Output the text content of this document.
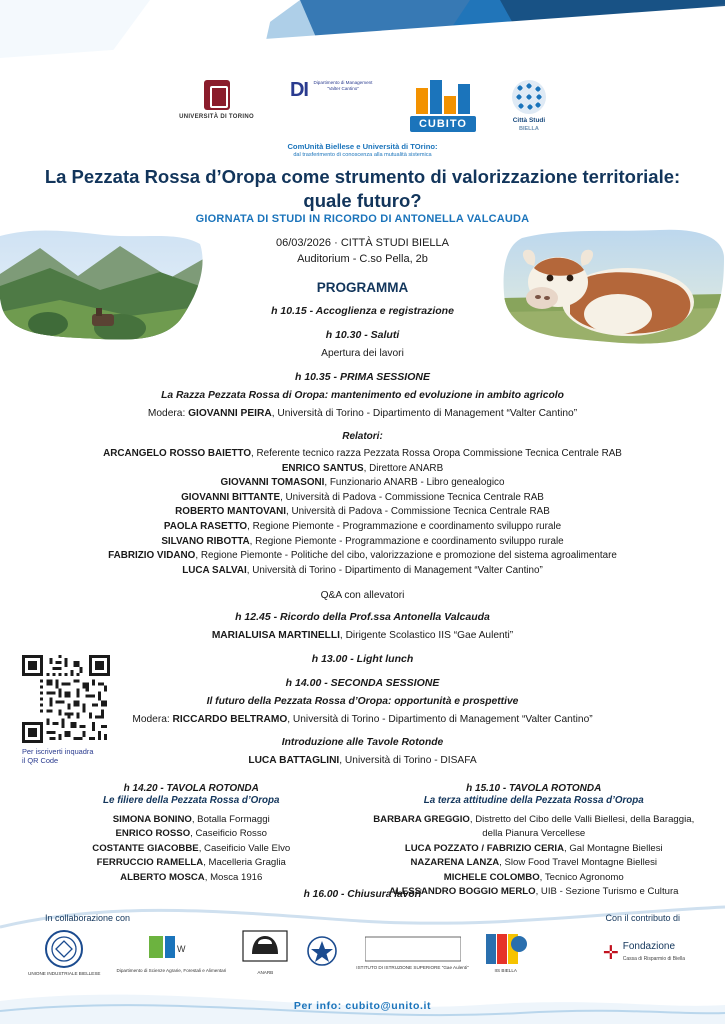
UNIVERSITÀ DI TORINO
DI	Dipartimento di Management "Valter Cantino"
CUBITO	Città Studi
BIELLA
ComUnità Biellese e Università di TOrino:
dal trasferimento di conoscenza alla mutualità sistemica
La Pezzata Rossa d’Oropa come strumento di valorizzazione territoriale: quale futuro?
GIORNATA DI STUDI IN RICORDO DI ANTONELLA VALCAUDA
06/03/2026 · CITTÀ STUDI BIELLA
Auditorium - C.so Pella, 2b
PROGRAMMA
h 10.15 - Accoglienza e registrazione
h 10.30 - Saluti
Apertura dei lavori
h 10.35 - PRIMA SESSIONE
La Razza Pezzata Rossa di Oropa: mantenimento ed evoluzione in ambito agricolo
Modera: GIOVANNI PEIRA, Università di Torino - Dipartimento di Management “Valter Cantino”
Relatori:
ARCANGELO ROSSO BAIETTO, Referente tecnico razza Pezzata Rossa Oropa Commissione Tecnica Centrale RAB
ENRICO SANTUS, Direttore ANARB
GIOVANNI TOMASONI, Funzionario ANARB - Libro genealogico
GIOVANNI BITTANTE, Università di Padova - Commissione Tecnica Centrale RAB
ROBERTO MANTOVANI, Università di Padova - Commissione Tecnica Centrale RAB
PAOLA RASETTO, Regione Piemonte - Programmazione e coordinamento sviluppo rurale
SILVANO RIBOTTA, Regione Piemonte - Programmazione e coordinamento sviluppo rurale
FABRIZIO VIDANO, Regione Piemonte - Politiche del cibo, valorizzazione e promozione del sistema agroalimentare
LUCA SALVAI, Università di Torino - Dipartimento di Management “Valter Cantino”
Q&A con allevatori
h 12.45 - Ricordo della Prof.ssa Antonella Valcauda
MARIALUISA MARTINELLI, Dirigente Scolastico IIS “Gae Aulenti”
h 13.00 - Light lunch
h 14.00 - SECONDA SESSIONE
Il futuro della Pezzata Rossa d’Oropa: opportunità e prospettive
Modera: RICCARDO BELTRAMO, Università di Torino - Dipartimento di Management “Valter Cantino”
Introduzione alle Tavole Rotonde
LUCA BATTAGLINI, Università di Torino - DISAFA
Per iscriverti inquadra
il QR Code
h 14.20 - TAVOLA ROTONDA
Le filiere della Pezzata Rossa d’Oropa
SIMONA BONINO, Botalla Formaggi
ENRICO ROSSO, Caseificio Rosso
COSTANTE GIACOBBE, Caseificio Valle Elvo
FERRUCCIO RAMELLA, Macelleria Graglia
ALBERTO MOSCA, Mosca 1916
h 15.10 - TAVOLA ROTONDA
La terza attitudine della Pezzata Rossa d’Oropa
BARBARA GREGGIO, Distretto del Cibo delle Valli Biellesi, della Baraggia, della Pianura Vercellese
LUCA POZZATO / FABRIZIO CERIA, Gal Montagne Biellesi
NAZARENA LANZA, Slow Food Travel Montagne Biellesi
MICHELE COLOMBO, Tecnico Agronomo
ALESSANDRO BOGGIO MERLO, UIB - Sezione Turismo e Cultura
h 16.00 - Chiusura lavori
In collaborazione con	Con il contributo di
UNIONE INDUSTRIALE BIELLESE
W
Dipartimento di Scienze Agrarie, Forestali e Alimentari	ANARB
ISTITUTO DI ISTRUZIONE SUPERIORE "Gae Aulenti"
IIS BIELLA
✛ Fondazione
Cassa di Risparmio di Biella
Per info: cubito@unito.it
